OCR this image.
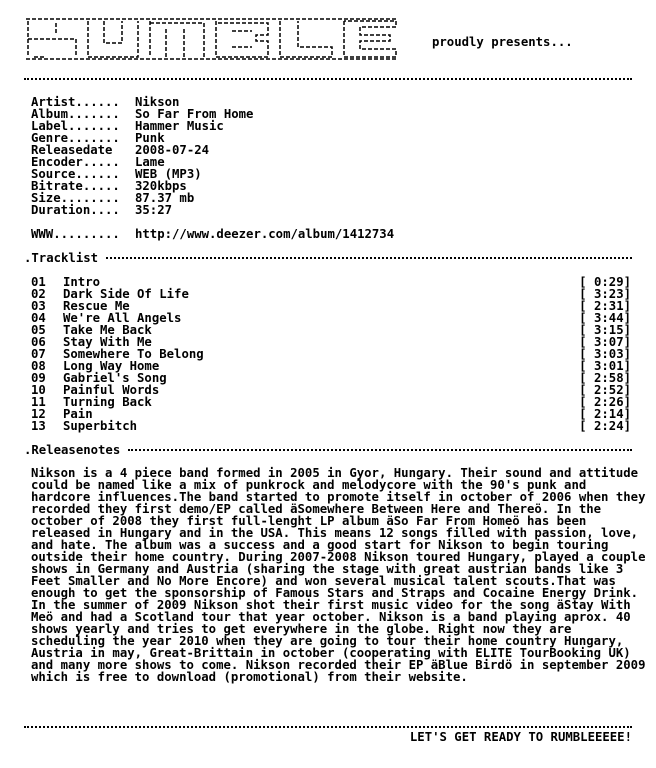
proudly presents...
Artist...... Nikson
Album....... So Far From Home
Label....... Hammer Music
Genre....... Punk
Releasedate 2008-07-24
Encoder..... Lame
Source...... WEB (MP3)
Bitrate..... 320kbps
Size........ 87.37 mb
Duration.... 35:27
WWW......... http://www.deezer.com/album/1412734
.Tracklist
01 Intro	[ 0:29]
02 Dark Side Of Life	[ 3:23]
03 Rescue Me	[ 2:31]
04 We're All Angels	[ 3:44]
05 Take Me Back	[ 3:15]
06 Stay With Me	[ 3:07]
07 Somewhere To Belong	[ 3:03]
08 Long Way Home	[ 3:01]
09 Gabriel's Song	[ 2:58]
10 Painful Words	[ 2:52]
11 Turning Back	[ 2:26]
12 Pain	[ 2:14]
13 Superbitch	[ 2:24]
.Releasenotes
Nikson is a 4 piece band formed in 2005 in Gyor, Hungary. Their sound and attitude could be named like a mix of punkrock and melodycore with the 90's punk and hardcore influences.The band started to promote itself in october of 2006 when they recorded they first demo/EP called äSomewhere Between Here and Thereö. In the october of 2008 they first full-lenght LP album äSo Far From Homeö has been released in Hungary and in the USA. This means 12 songs filled with passion, love, and hate. The album was a success and a good start for Nikson to begin touring outside their home country. During 2007-2008 Nikson toured Hungary, played a couple shows in Germany and Austria (sharing the stage with great austrian bands like 3 Feet Smaller and No More Encore) and won several musical talent scouts.That was enough to get the sponsorship of Famous Stars and Straps and Cocaine Energy Drink. In the summer of 2009 Nikson shot their first music video for the song äStay With Meö and had a Scotland tour that year october. Nikson is a band playing aprox. 40 shows yearly and tries to get everywhere in the globe. Right now they are scheduling the year 2010 when they are going to tour their home country Hungary, Austria in may, Great-Brittain in october (cooperating with ELITE TourBooking UK) and many more shows to come. Nikson recorded their EP äBlue Birdö in september 2009 which is free to download (promotional) from their website.
LET'S GET READY TO RUMBLEEEEE!
